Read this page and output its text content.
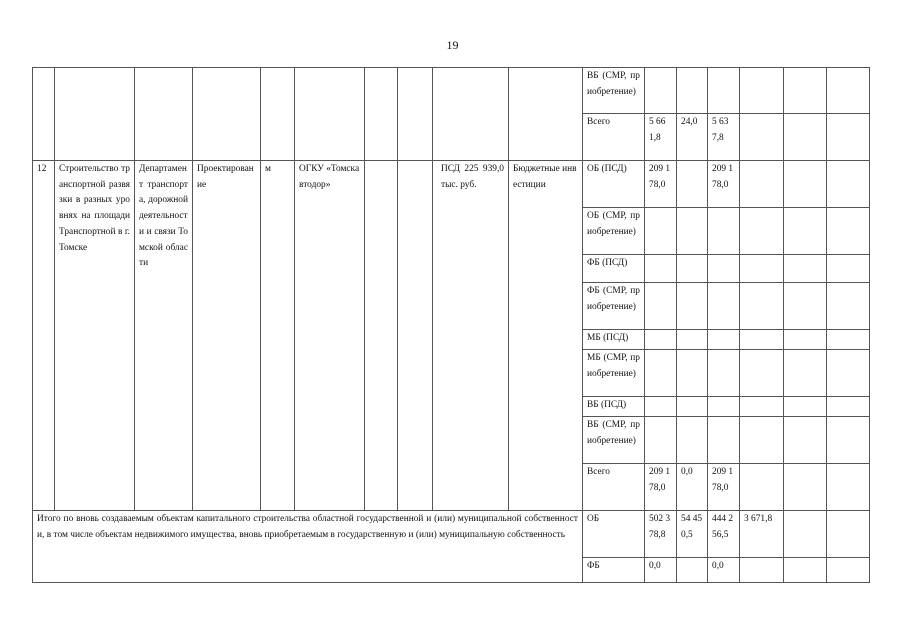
19
										ВБ (СМР, приобретение)						
										Всего	5 661,8	24,0	5 637,8			
12	Строительство транспортной развязки в разных уровнях на площади Транспортной в г. Томске	Департамент транспорта, дорожной деятельности и связи Томской области	Проектирование	м	ОГКУ «Томскавтодор»			ПСД 225 939,0 тыс. руб.	Бюджетные инвестиции	ОБ (ПСД)	209 178,0		209 178,0			
										ОБ (СМР, приобретение)						
										ФБ (ПСД)						
										ФБ (СМР, приобретение)						
										МБ (ПСД)						
										МБ (СМР, приобретение)						
										ВБ (ПСД)						
										ВБ (СМР, приобретение)						
										Всего	209 178,0	0,0	209 178,0			
Итого по вновь создаваемым объектам капитального строительства областной государственной и (или) муниципальной собственности, в том числе объектам недвижимого имущества, вновь приобретаемым в государственную и (или) муниципальную собственность										ОБ	502 378,8	54 450,5	444 256,5	3 671,8		
										ФБ	0,0		0,0			
